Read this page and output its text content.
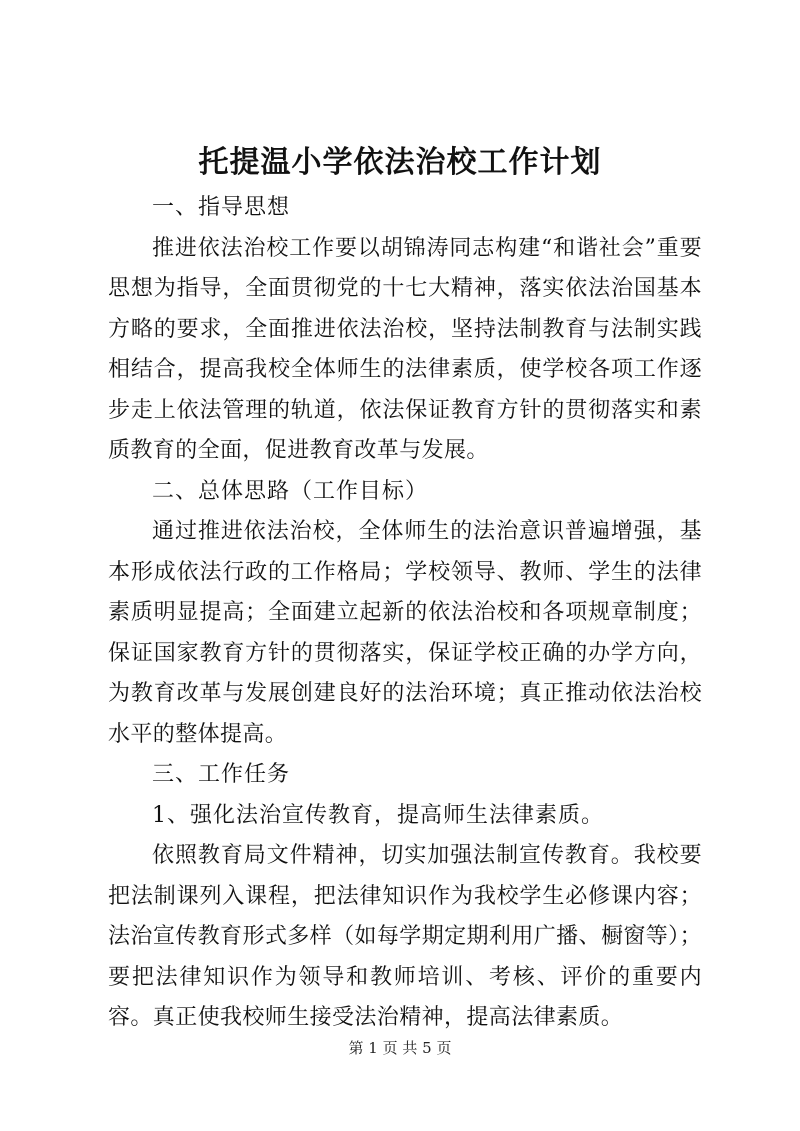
托提温小学依法治校工作计划

一、指导思想

推进依法治校工作要以胡锦涛同志构建“和谐社会”重要思想为指导，全面贯彻党的十七大精神，落实依法治国基本方略的要求，全面推进依法治校，坚持法制教育与法制实践相结合，提高我校全体师生的法律素质，使学校各项工作逐步走上依法管理的轨道，依法保证教育方针的贯彻落实和素质教育的全面，促进教育改革与发展。

二、总体思路（工作目标）

通过推进依法治校，全体师生的法治意识普遍增强，基本形成依法行政的工作格局；学校领导、教师、学生的法律素质明显提高；全面建立起新的依法治校和各项规章制度；保证国家教育方针的贯彻落实，保证学校正确的办学方向，为教育改革与发展创建良好的法治环境；真正推动依法治校水平的整体提高。

三、工作任务

1、强化法治宣传教育，提高师生法律素质。

依照教育局文件精神，切实加强法制宣传教育。我校要把法制课列入课程，把法律知识作为我校学生必修课内容；法治宣传教育形式多样（如每学期定期利用广播、橱窗等）；要把法律知识作为领导和教师培训、考核、评价的重要内容。真正使我校师生接受法治精神，提高法律素质。

第 1 页 共 5 页
